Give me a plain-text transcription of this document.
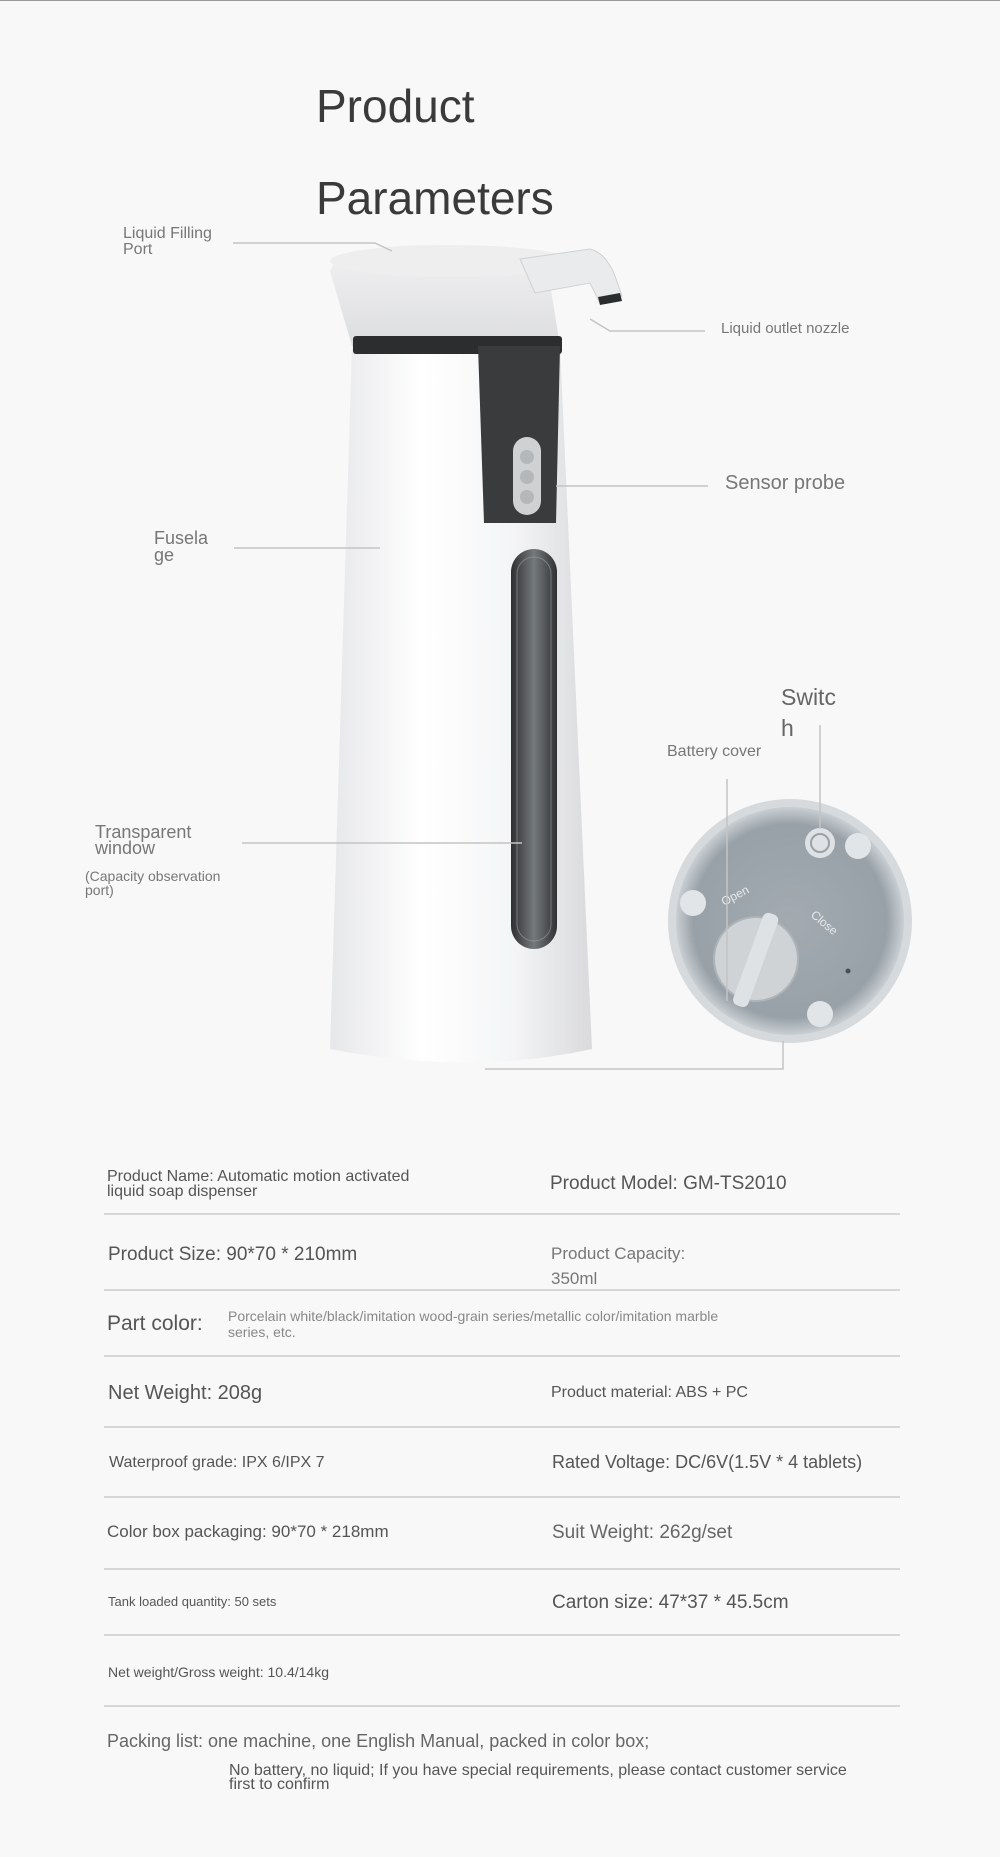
Product
Parameters
Open
Close
Liquid Filling
Port
Liquid outlet nozzle
Sensor probe
Fusela
ge
Switc
h
Battery cover
Transparent
window
(Capacity observation
port)
Product Name: Automatic motion activated
liquid soap dispenser	Product Model: GM-TS2010
Product Size: 90*70 * 210mm	Product Capacity:
350ml
Part color: Porcelain white/black/imitation wood-grain series/metallic color/imitation marble
series, etc.
Net Weight: 208g	Product material: ABS + PC
Waterproof grade: IPX 6/IPX 7	Rated Voltage: DC/6V(1.5V * 4 tablets)
Color box packaging: 90*70 * 218mm	Suit Weight: 262g/set
Tank loaded quantity: 50 sets	Carton size: 47*37 * 45.5cm
Net weight/Gross weight: 10.4/14kg
Packing list: one machine, one English Manual, packed in color box;
No battery, no liquid; If you have special requirements, please contact customer service
first to confirm
